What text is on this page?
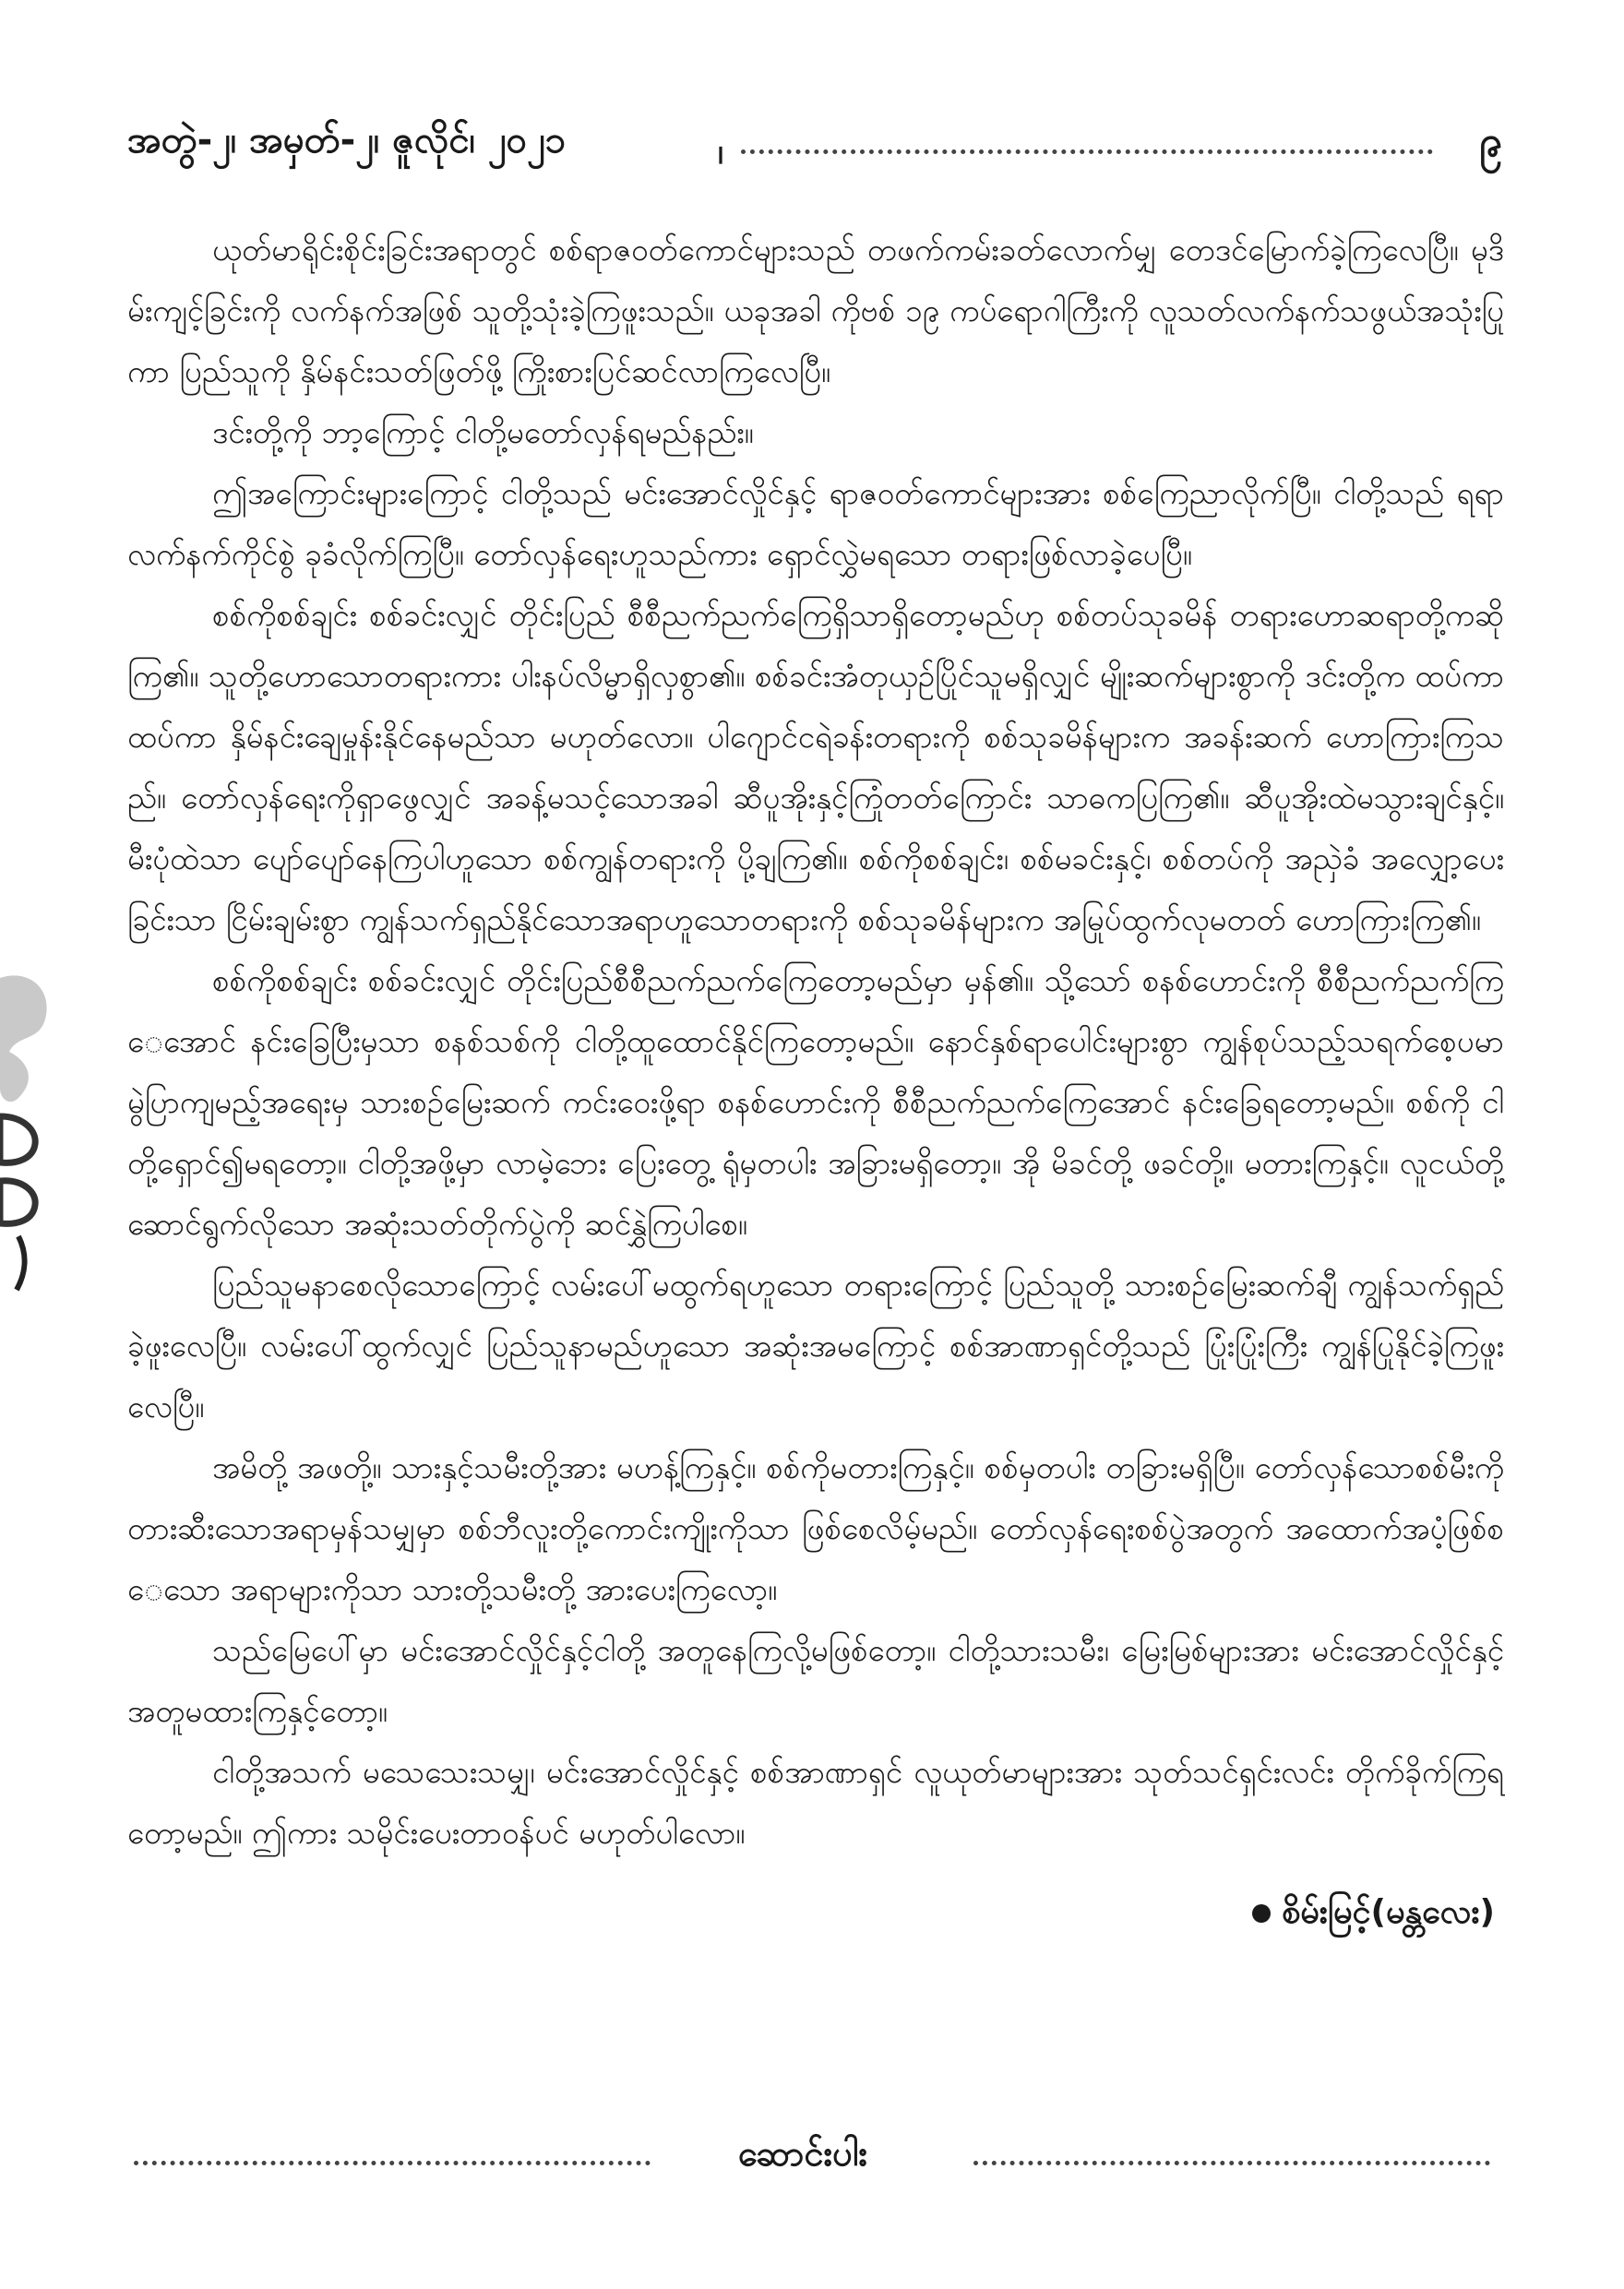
အတွဲ-၂၊ အမှတ်-၂၊ ဇူလိုင်၊ ၂၀၂၁	၊	၉

ယုတ်မာရိုင်းစိုင်းခြင်းအရာတွင် စစ်ရာဇဝတ်ကောင်များသည် တဖက်ကမ်းခတ်လောက်မျှ တေဒင်မြောက်ခဲ့ကြလေပြီ။ မုဒိမ်းကျင့်ခြင်းကို လက်နက်အဖြစ် သူတို့သုံးခဲ့ကြဖူးသည်။ ယခုအခါ ကိုဗစ် ၁၉ ကပ်ရောဂါကြီးကို လူသတ်လက်နက်သဖွယ်အသုံးပြုကာ ပြည်သူကို နှိမ်နင်းသတ်ဖြတ်ဖို့ ကြိုးစားပြင်ဆင်လာကြလေပြီ။

ဒင်းတို့ကို ဘာ့ကြောင့် ငါတို့မတော်လှန်ရမည်နည်း။

ဤအကြောင်းများကြောင့် ငါတို့သည် မင်းအောင်လှိုင်နှင့် ရာဇဝတ်ကောင်များအား စစ်ကြေညာလိုက်ပြီ။ ငါတို့သည် ရရာလက်နက်ကိုင်စွဲ ခုခံလိုက်ကြပြီ။ တော်လှန်ရေးဟူသည်ကား ရှောင်လွှဲမရသော တရားဖြစ်လာခဲ့ပေပြီ။

စစ်ကိုစစ်ချင်း စစ်ခင်းလျှင် တိုင်းပြည် စီစီညက်ညက်ကြေရှိသာရှိတော့မည်ဟု စစ်တပ်သုခမိန် တရားဟောဆရာတို့ကဆိုကြ၏။ သူတို့ဟောသောတရားကား ပါးနပ်လိမ္မာရှိလှစွာ၏။ စစ်ခင်းအံတုယှဉ်ပြိုင်သူမရှိလျှင် မျိုးဆက်များစွာကို ဒင်းတို့က ထပ်ကာထပ်ကာ နှိမ်နင်းချေမှုန်းနိုင်နေမည်သာ မဟုတ်လော။ ပါဂျောင်ငရဲခန်းတရားကို စစ်သုခမိန်များက အခန်းဆက် ဟောကြားကြသည်။ တော်လှန်ရေးကိုရှာဖွေလျှင် အခန့်မသင့်သောအခါ ဆီပူအိုးနှင့်ကြုံတတ်ကြောင်း သာဓကပြကြ၏။ ဆီပူအိုးထဲမသွားချင်နှင့်။ မီးပုံထဲသာ ပျော်ပျော်နေကြပါဟူသော စစ်ကျွန်တရားကို ပို့ချကြ၏။ စစ်ကိုစစ်ချင်း၊ စစ်မခင်းနှင့်၊ စစ်တပ်ကို အညှဲခံ အလျှော့ပေးခြင်းသာ ငြိမ်းချမ်းစွာ ကျွန်သက်ရှည်နိုင်သောအရာဟူသောတရားကို စစ်သုခမိန်များက အမြုပ်ထွက်လုမတတ် ဟောကြားကြ၏။

စစ်ကိုစစ်ချင်း စစ်ခင်းလျှင် တိုင်းပြည်စီစီညက်ညက်ကြေတော့မည်မှာ မှန်၏။ သို့သော် စနစ်ဟောင်းကို စီစီညက်ညက်ကြေအောင် နင်းခြေပြီးမှသာ စနစ်သစ်ကို ငါတို့ထူထောင်နိုင်ကြတော့မည်။ နောင်နှစ်ရာပေါင်းများစွာ ကျွန်စုပ်သည့်သရက်စေ့ပမာ မွဲပြာကျမည့်အရေးမှ သားစဉ်မြေးဆက် ကင်းဝေးဖို့ရာ စနစ်ဟောင်းကို စီစီညက်ညက်ကြေအောင် နင်းခြေရတော့မည်။ စစ်ကို ငါတို့ရှောင်၍မရတော့။ ငါတို့အဖို့မှာ လာမဲ့ဘေး ပြေးတွေ့ ရုံမှတပါး အခြားမရှိတော့။ အို မိခင်တို့ ဖခင်တို့။ မတားကြနှင့်။ လူငယ်တို့ဆောင်ရွက်လိုသော အဆုံးသတ်တိုက်ပွဲကို ဆင်နွှဲကြပါစေ။

ပြည်သူမနာစေလိုသောကြောင့် လမ်းပေါ်မထွက်ရဟူသော တရားကြောင့် ပြည်သူတို့ သားစဉ်မြေးဆက်ချီ ကျွန်သက်ရှည်ခဲ့ဖူးလေပြီ။ လမ်းပေါ်ထွက်လျှင် ပြည်သူနာမည်ဟူသော အဆုံးအမကြောင့် စစ်အာဏာရှင်တို့သည် ပြုံးပြုံးကြီး ကျွန်ပြုနိုင်ခဲ့ကြဖူးလေပြီ။

အမိတို့ အဖတို့။ သားနှင့်သမီးတို့အား မဟန့်ကြနှင့်။ စစ်ကိုမတားကြနှင့်။ စစ်မှတပါး တခြားမရှိပြီ။ တော်လှန်သောစစ်မီးကို တားဆီးသောအရာမှန်သမျှမှာ စစ်ဘီလူးတို့ကောင်းကျိုးကိုသာ ဖြစ်စေလိမ့်မည်။ တော်လှန်ရေးစစ်ပွဲအတွက် အထောက်အပံ့ဖြစ်စေသော အရာများကိုသာ သားတို့သမီးတို့ အားပေးကြလော့။

သည်မြေပေါ်မှာ မင်းအောင်လှိုင်နှင့်ငါတို့ အတူနေကြလို့မဖြစ်တော့။ ငါတို့သားသမီး၊ မြေးမြစ်များအား မင်းအောင်လှိုင်နှင့် အတူမထားကြနှင့်တော့။

ငါတို့အသက် မသေသေးသမျှ၊ မင်းအောင်လှိုင်နှင့် စစ်အာဏာရှင် လူယုတ်မာများအား သုတ်သင်ရှင်းလင်း တိုက်ခိုက်ကြရတော့မည်။ ဤကား သမိုင်းပေးတာဝန်ပင် မဟုတ်ပါလော။

စိမ်းမြင့်(မန္တလေး)
ဆောင်းပါး
